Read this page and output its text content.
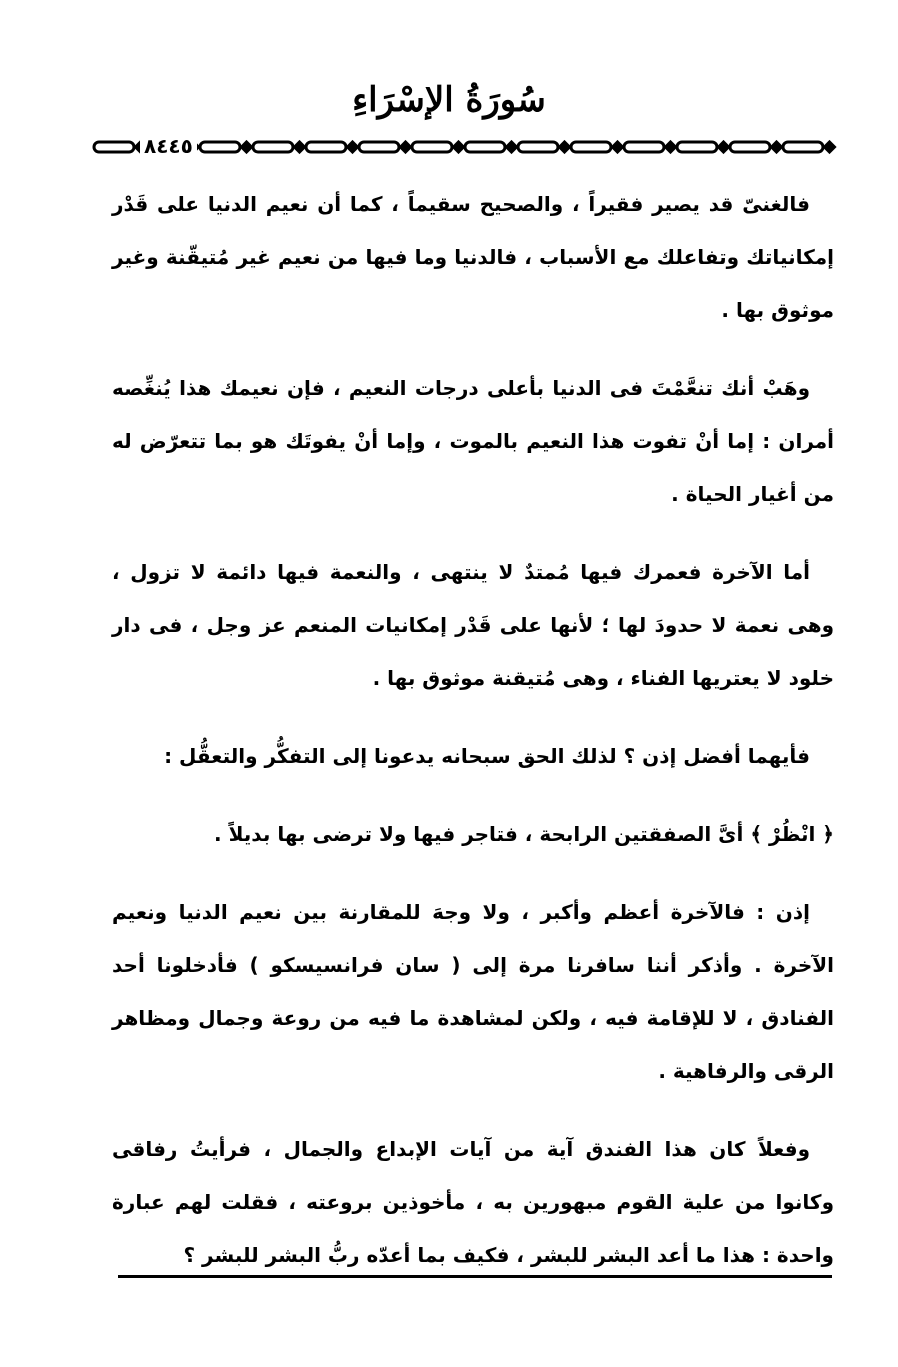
سُورَةُ الإسْرَاءِ
٨٤٤٥

فالغنىّ قد يصير فقيراً ، والصحيح سقيماً ، كما أن نعيم الدنيا على قَدْر إمكانياتك وتفاعلك مع الأسباب ، فالدنيا وما فيها من نعيم غير مُتيقّنة وغير موثوق بها .

وهَبْ أنك تنعَّمْتَ فى الدنيا بأعلى درجات النعيم ، فإن نعيمك هذا يُنغِّصه أمران : إما أنْ تفوت هذا النعيم بالموت ، وإما أنْ يفوتَك هو بما تتعرّض له من أغيار الحياة .

أما الآخرة فعمرك فيها مُمتدٌ لا ينتهى ، والنعمة فيها دائمة لا تزول ، وهى نعمة لا حدودَ لها ؛ لأنها على قَدْر إمكانيات المنعم عز وجل ، فى دار خلود لا يعتريها الفناء ، وهى مُتيقنة موثوق بها .

فأيهما أفضل إذن ؟ لذلك الحق سبحانه يدعونا إلى التفكُّر والتعقُّل :

﴿ انْظُرْ ﴾ أىَّ الصفقتين الرابحة ، فتاجر فيها ولا ترضى بها بديلاً .

إذن : فالآخرة أعظم وأكبر ، ولا وجهَ للمقارنة بين نعيم الدنيا ونعيم الآخرة . وأذكر أننا سافرنا مرة إلى ( سان فرانسيسكو ) فأدخلونا أحد الفنادق ، لا للإقامة فيه ، ولكن لمشاهدة ما فيه من روعة وجمال ومظاهر الرقى والرفاهية .

وفعلاً كان هذا الفندق آية من آيات الإبداع والجمال ، فرأيتُ رفاقى وكانوا من علية القوم مبهورين به ، مأخوذين بروعته ، فقلت لهم عبارة واحدة : هذا ما أعد البشر للبشر ، فكيف بما أعدّه ربُّ البشر للبشر ؟
